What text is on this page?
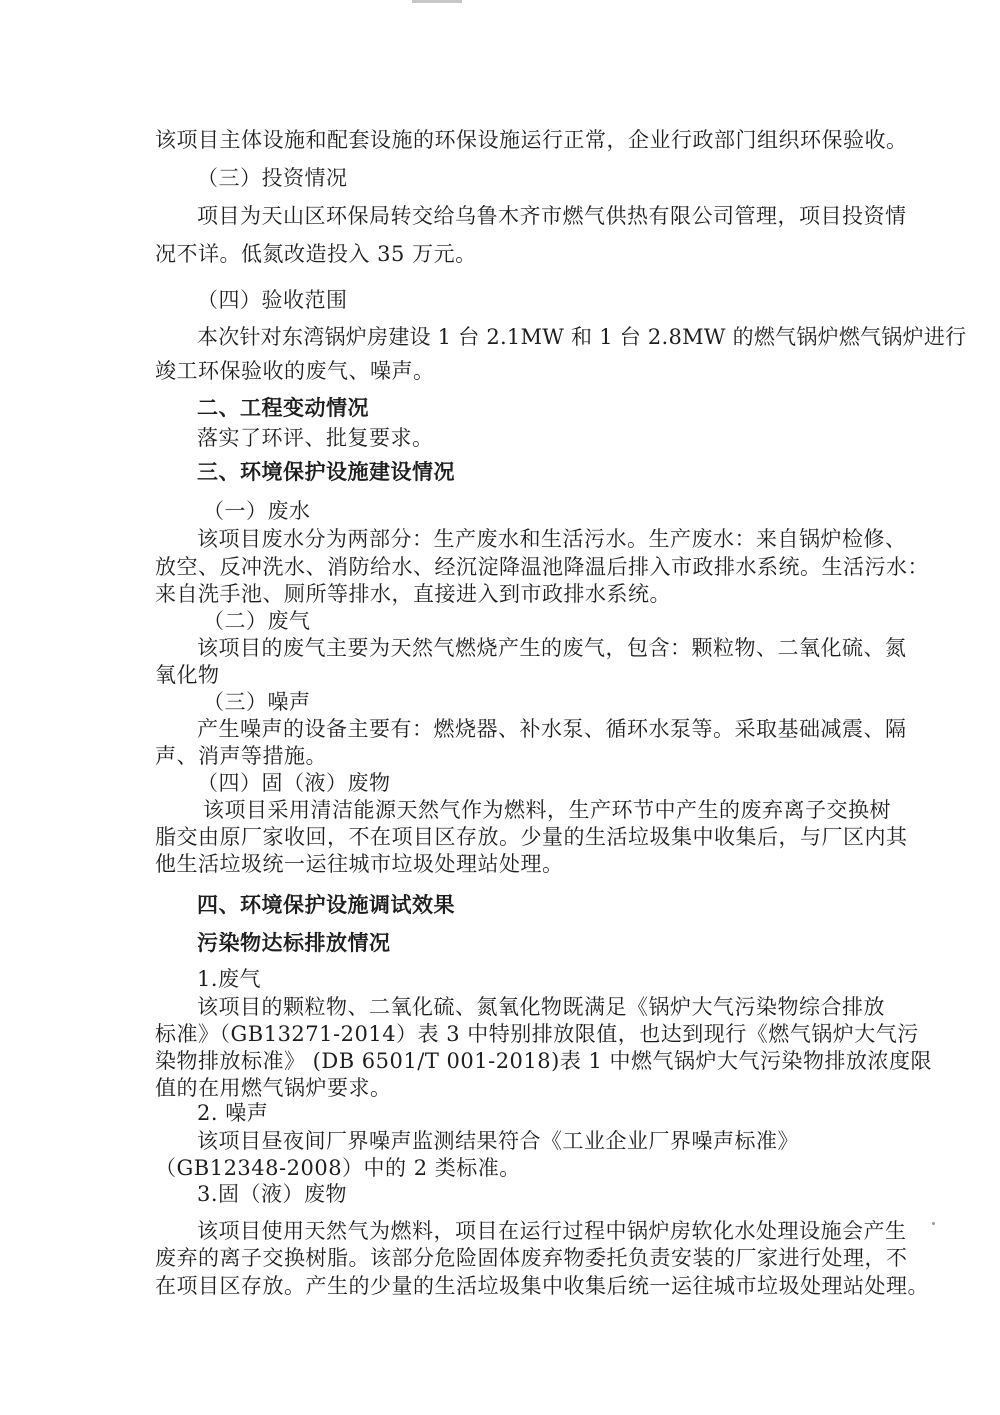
该项目主体设施和配套设施的环保设施运行正常，企业行政部门组织环保验收。
（三）投资情况
项目为天山区环保局转交给乌鲁木齐市燃气供热有限公司管理，项目投资情
况不详。低氮改造投入 35 万元。
（四）验收范围
本次针对东湾锅炉房建设 1 台 2.1MW 和 1 台 2.8MW 的燃气锅炉燃气锅炉进行
竣工环保验收的废气、噪声。
二、工程变动情况
落实了环评、批复要求。
三、环境保护设施建设情况
（一）废水
该项目废水分为两部分：生产废水和生活污水。生产废水：来自锅炉检修、
放空、反冲洗水、消防给水、经沉淀降温池降温后排入市政排水系统。生活污水：
来自洗手池、厕所等排水，直接进入到市政排水系统。
（二）废气
该项目的废气主要为天然气燃烧产生的废气，包含：颗粒物、二氧化硫、氮
氧化物
（三）噪声
产生噪声的设备主要有：燃烧器、补水泵、循环水泵等。采取基础减震、隔
声、消声等措施。
（四）固（液）废物
该项目采用清洁能源天然气作为燃料，生产环节中产生的废弃离子交换树
脂交由原厂家收回，不在项目区存放。少量的生活垃圾集中收集后，与厂区内其
他生活垃圾统一运往城市垃圾处理站处理。
四、环境保护设施调试效果
污染物达标排放情况
1.废气
该项目的颗粒物、二氧化硫、氮氧化物既满足《锅炉大气污染物综合排放
标准》（GB13271-2014）表 3 中特别排放限值，也达到现行《燃气锅炉大气污
染物排放标准》 (DB 6501/T 001-2018)表 1 中燃气锅炉大气污染物排放浓度限
值的在用燃气锅炉要求。
2. 噪声
该项目昼夜间厂界噪声监测结果符合《工业企业厂界噪声标准》
（GB12348-2008）中的 2 类标准。
3.固（液）废物
该项目使用天然气为燃料，项目在运行过程中锅炉房软化水处理设施会产生
废弃的离子交换树脂。该部分危险固体废弃物委托负责安装的厂家进行处理，不
在项目区存放。产生的少量的生活垃圾集中收集后统一运往城市垃圾处理站处理。
